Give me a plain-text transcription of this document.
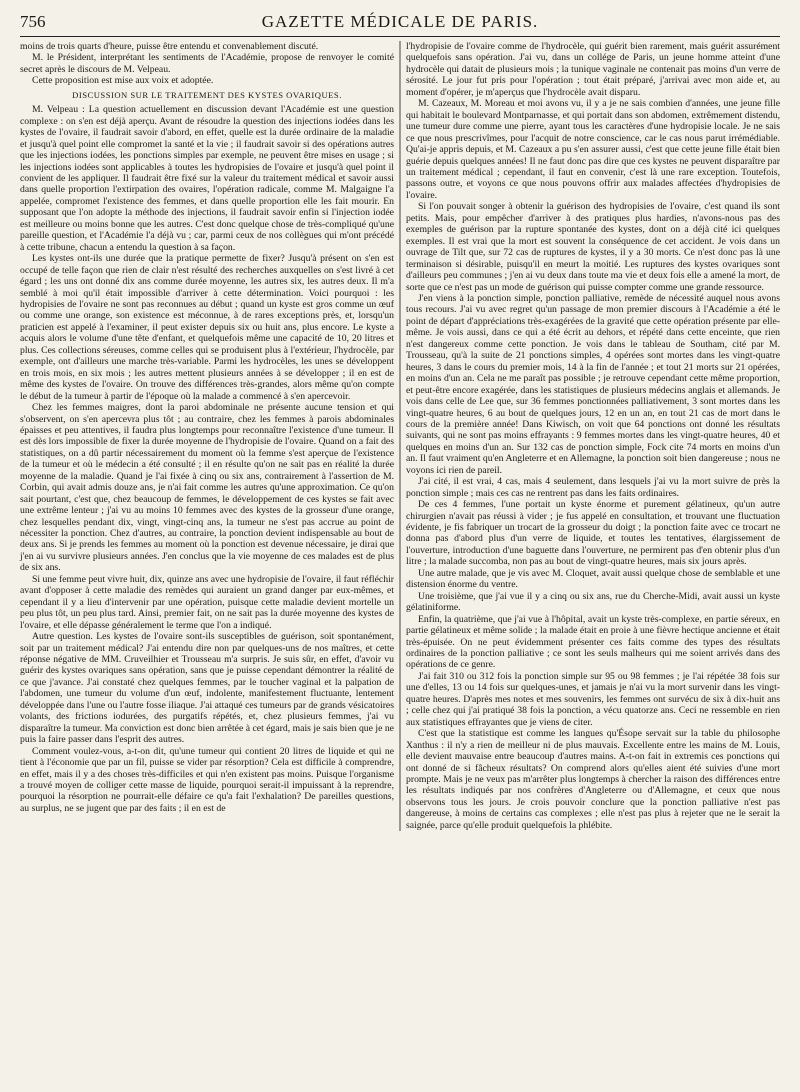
756	GAZETTE MÉDICALE DE PARIS.

moins de trois quarts d'heure, puisse être entendu et convenablement discuté.

M. le Président, interprétant les sentiments de l'Académie, propose de renvoyer le comité secret après le discours de M. Velpeau.

Cette proposition est mise aux voix et adoptée.

DISCUSSION SUR LE TRAITEMENT DES KYSTES OVARIQUES.

M. Velpeau : La question actuellement en discussion devant l'Académie est une question complexe : on s'en est déjà aperçu. Avant de résoudre la question des injections iodées dans les kystes de l'ovaire, il faudrait savoir d'abord, en effet, quelle est la durée ordinaire de la maladie et jusqu'à quel point elle compromet la santé et la vie ; il faudrait savoir si des opérations autres que les injections iodées, les ponctions simples par exemple, ne peuvent être mises en usage ; si les injections iodées sont applicables à toutes les hydropisies de l'ovaire et jusqu'à quel point il convient de les appliquer. Il faudrait être fixé sur la valeur du traitement médical et savoir aussi dans quelle proportion l'extirpation des ovaires, l'opération radicale, comme M. Malgaigne l'a appelée, compromet l'existence des femmes, et dans quelle proportion elle les fait mourir. En supposant que l'on adopte la méthode des injections, il faudrait savoir enfin si l'injection iodée est meilleure ou moins bonne que les autres. C'est donc quelque chose de très-compliqué qu'une pareille question, et l'Académie l'a déjà vu ; car, parmi ceux de nos collègues qui m'ont précédé à cette tribune, chacun a entendu la question à sa façon.

Les kystes ont-ils une durée que la pratique permette de fixer? Jusqu'à présent on s'en est occupé de telle façon que rien de clair n'est résulté des recherches auxquelles on s'est livré à cet égard ; les uns ont donné dix ans comme durée moyenne, les autres six, les autres deux. Il m'a semblé à moi qu'il était impossible d'arriver à cette détermination. Voici pourquoi : les hydropisies de l'ovaire ne sont pas reconnues au début ; quand un kyste est gros comme un œuf ou comme une orange, son existence est méconnue, à de rares exceptions près, et, lorsqu'un praticien est appelé à l'examiner, il peut exister depuis six ou huit ans, plus encore. Le kyste a acquis alors le volume d'une tête d'enfant, et quelquefois même une capacité de 10, 20 litres et plus. Ces collections séreuses, comme celles qui se produisent plus à l'extérieur, l'hydrocèle, par exemple, ont d'ailleurs une marche très-variable. Parmi les hydrocèles, les unes se développent en trois mois, en six mois ; les autres mettent plusieurs années à se développer ; il en est de même des kystes de l'ovaire. On trouve des différences très-grandes, alors même qu'on compte le début de la tumeur à partir de l'époque où la malade a commencé à s'en apercevoir.

Chez les femmes maigres, dont la paroi abdominale ne présente aucune tension et qui s'observent, on s'en apercevra plus tôt ; au contraire, chez les femmes à parois abdominales épaisses et peu attentives, il faudra plus longtemps pour reconnaître l'existence d'une tumeur. Il est dès lors impossible de fixer la durée moyenne de l'hydropisie de l'ovaire. Quand on a fait des statistiques, on a dû partir nécessairement du moment où la femme s'est aperçue de l'existence de la tumeur et où le médecin a été consulté ; il en résulte qu'on ne sait pas en réalité la durée moyenne de la maladie. Quand je l'ai fixée à cinq ou six ans, contrairement à l'assertion de M. Corbin, qui avait admis douze ans, je n'ai fait comme les autres qu'une approximation. Ce qu'on sait pourtant, c'est que, chez beaucoup de femmes, le développement de ces kystes se fait avec une extrême lenteur ; j'ai vu au moins 10 femmes avec des kystes de la grosseur d'une orange, chez lesquelles pendant dix, vingt, vingt-cinq ans, la tumeur ne s'est pas accrue au point de nécessiter la ponction. Chez d'autres, au contraire, la ponction devient indispensable au bout de deux ans. Si je prends les femmes au moment où la ponction est devenue nécessaire, je dirai que j'en ai vu survivre plusieurs années. J'en conclus que la vie moyenne de ces malades est de plus de six ans.

Si une femme peut vivre huit, dix, quinze ans avec une hydropisie de l'ovaire, il faut réfléchir avant d'opposer à cette maladie des remèdes qui auraient un grand danger par eux-mêmes, et cependant il y a lieu d'intervenir par une opération, puisque cette maladie devient mortelle un peu plus tôt, un peu plus tard. Ainsi, premier fait, on ne sait pas la durée moyenne des kystes de l'ovaire, et elle dépasse généralement le terme que l'on a indiqué.

Autre question. Les kystes de l'ovaire sont-ils susceptibles de guérison, soit spontanément, soit par un traitement médical? J'ai entendu dire non par quelques-uns de nos maîtres, et cette réponse négative de MM. Cruveilhier et Trousseau m'a surpris. Je suis sûr, en effet, d'avoir vu guérir des kystes ovariques sans opération, sans que je puisse cependant démontrer la réalité de ce que j'avance. J'ai constaté chez quelques femmes, par le toucher vaginal et la palpation de l'abdomen, une tumeur du volume d'un œuf, indolente, manifestement fluctuante, lentement développée dans l'une ou l'autre fosse iliaque. J'ai attaqué ces tumeurs par de grands vésicatoires volants, des frictions iodurées, des purgatifs répétés, et, chez plusieurs femmes, j'ai vu disparaître la tumeur. Ma conviction est donc bien arrêtée à cet égard, mais je sais bien que je ne puis la faire passer dans l'esprit des autres.

Comment voulez-vous, a-t-on dit, qu'une tumeur qui contient 20 litres de liquide et qui ne tient à l'économie que par un fil, puisse se vider par résorption? Cela est difficile à comprendre, en effet, mais il y a des choses très-difficiles et qui n'en existent pas moins. Puisque l'organisme a trouvé moyen de colliger cette masse de liquide, pourquoi serait-il impuissant à la reprendre, pourquoi la résorption ne pourrait-elle défaire ce qu'a fait l'exhalation? De pareilles questions, au surplus, ne se jugent que par des faits ; il en est de

l'hydropisie de l'ovaire comme de l'hydrocèle, qui guérit bien rarement, mais guérit assurément quelquefois sans opération. J'ai vu, dans un collége de Paris, un jeune homme atteint d'une hydrocèle qui datait de plusieurs mois ; la tunique vaginale ne contenait pas moins d'un verre de sérosité. Le jour fut pris pour l'opération ; tout était préparé, j'arrivai avec mon aide et, au moment d'opérer, je m'aperçus que l'hydrocèle avait disparu.

M. Cazeaux, M. Moreau et moi avons vu, il y a je ne sais combien d'années, une jeune fille qui habitait le boulevard Montparnasse, et qui portait dans son abdomen, extrêmement distendu, une tumeur dure comme une pierre, ayant tous les caractères d'une hydropisie locale. Je ne sais ce que nous prescrivîmes, pour l'acquit de notre conscience, car le cas nous parut irrémédiable. Qu'ai-je appris depuis, et M. Cazeaux a pu s'en assurer aussi, c'est que cette jeune fille était bien guérie depuis quelques années! Il ne faut donc pas dire que ces kystes ne peuvent disparaître par un traitement médical ; cependant, il faut en convenir, c'est là une rare exception. Toutefois, passons outre, et voyons ce que nous pouvons offrir aux malades affectées d'hydropisies de l'ovaire.

Si l'on pouvait songer à obtenir la guérison des hydropisies de l'ovaire, c'est quand ils sont petits. Mais, pour empêcher d'arriver à des pratiques plus hardies, n'avons-nous pas des exemples de guérison par la rupture spontanée des kystes, dont on a déjà cité ici quelques exemples. Il est vrai que la mort est souvent la conséquence de cet accident. Je vois dans un ouvrage de Tilt que, sur 72 cas de ruptures de kystes, il y a 30 morts. Ce n'est donc pas là une terminaison si désirable, puisqu'il en meurt la moitié. Les ruptures des kystes ovariques sont d'ailleurs peu communes ; j'en ai vu deux dans toute ma vie et deux fois elle a amené la mort, de sorte que ce n'est pas un mode de guérison qui puisse compter comme une grande ressource.

J'en viens à la ponction simple, ponction palliative, remède de nécessité auquel nous avons tous recours. J'ai vu avec regret qu'un passage de mon premier discours à l'Académie a été le point de départ d'appréciations très-exagérées de la gravité que cette opération présente par elle-même. Je vois aussi, dans ce qui a été écrit au dehors, et répété dans cette enceinte, que rien n'est dangereux comme cette ponction. Je vois dans le tableau de Southam, cité par M. Trousseau, qu'à la suite de 21 ponctions simples, 4 opérées sont mortes dans les vingt-quatre heures, 3 dans le cours du premier mois, 14 à la fin de l'année ; et tout 21 morts sur 21 opérées, en moins d'un an. Cela ne me paraît pas possible ; je retrouve cependant cette même proportion, et peut-être encore exagérée, dans les statistiques de plusieurs médecins anglais et allemands. Je vois dans celle de Lee que, sur 36 femmes ponctionnées palliativement, 3 sont mortes dans les vingt-quatre heures, 6 au bout de quelques jours, 12 en un an, en tout 21 cas de mort dans le cours de la première année! Dans Kiwisch, on voit que 64 ponctions ont donné les résultats suivants, qui ne sont pas moins effrayants : 9 femmes mortes dans les vingt-quatre heures, 40 et quelques en moins d'un an. Sur 132 cas de ponction simple, Fock cite 74 morts en moins d'un an. Il faut vraiment qu'en Angleterre et en Allemagne, la ponction soit bien dangereuse ; nous ne voyons ici rien de pareil.

J'ai cité, il est vrai, 4 cas, mais 4 seulement, dans lesquels j'ai vu la mort suivre de près la ponction simple ; mais ces cas ne rentrent pas dans les faits ordinaires.

De ces 4 femmes, l'une portait un kyste énorme et purement gélatineux, qu'un autre chirurgien n'avait pas réussi à vider ; je fus appelé en consultation, et trouvant une fluctuation évidente, je fis fabriquer un trocart de la grosseur du doigt ; la ponction faite avec ce trocart ne donna pas d'abord plus d'un verre de liquide, et toutes les tentatives, élargissement de l'ouverture, introduction d'une baguette dans l'ouverture, ne permirent pas d'en obtenir plus d'un litre ; la malade succomba, non pas au bout de vingt-quatre heures, mais six jours après.

Une autre malade, que je vis avec M. Cloquet, avait aussi quelque chose de semblable et une distension énorme du ventre.

Une troisième, que j'ai vue il y a cinq ou six ans, rue du Cherche-Midi, avait aussi un kyste gélatiniforme.

Enfin, la quatrième, que j'ai vue à l'hôpital, avait un kyste très-complexe, en partie séreux, en partie gélatineux et même solide ; la malade était en proie à une fièvre hectique ancienne et était très-épuisée. On ne peut évidemment présenter ces faits comme des types des résultats ordinaires de la ponction palliative ; ce sont les seuls malheurs qui me soient arrivés dans des opérations de ce genre.

J'ai fait 310 ou 312 fois la ponction simple sur 95 ou 98 femmes ; je l'ai répétée 38 fois sur une d'elles, 13 ou 14 fois sur quelques-unes, et jamais je n'ai vu la mort survenir dans les vingt-quatre heures. D'après mes notes et mes souvenirs, les femmes ont survécu de six à dix-huit ans ; celle chez qui j'ai pratiqué 38 fois la ponction, a vécu quatorze ans. Ceci ne ressemble en rien aux statistiques effrayantes que je viens de citer.

C'est que la statistique est comme les langues qu'Ésope servait sur la table du philosophe Xanthus : il n'y a rien de meilleur ni de plus mauvais. Excellente entre les mains de M. Louis, elle devient mauvaise entre beaucoup d'autres mains. A-t-on fait in extremis ces ponctions qui ont donné de si fâcheux résultats? On comprend alors qu'elles aient été suivies d'une mort prompte. Mais je ne veux pas m'arrêter plus longtemps à chercher la raison des différences entre les résultats indiqués par nos confrères d'Angleterre ou d'Allemagne, et ceux que nous observons tous les jours. Je crois pouvoir conclure que la ponction palliative n'est pas dangereuse, à moins de certains cas complexes ; elle n'est pas plus à rejeter que ne le serait la saignée, parce qu'elle produit quelquefois la phlébite.
